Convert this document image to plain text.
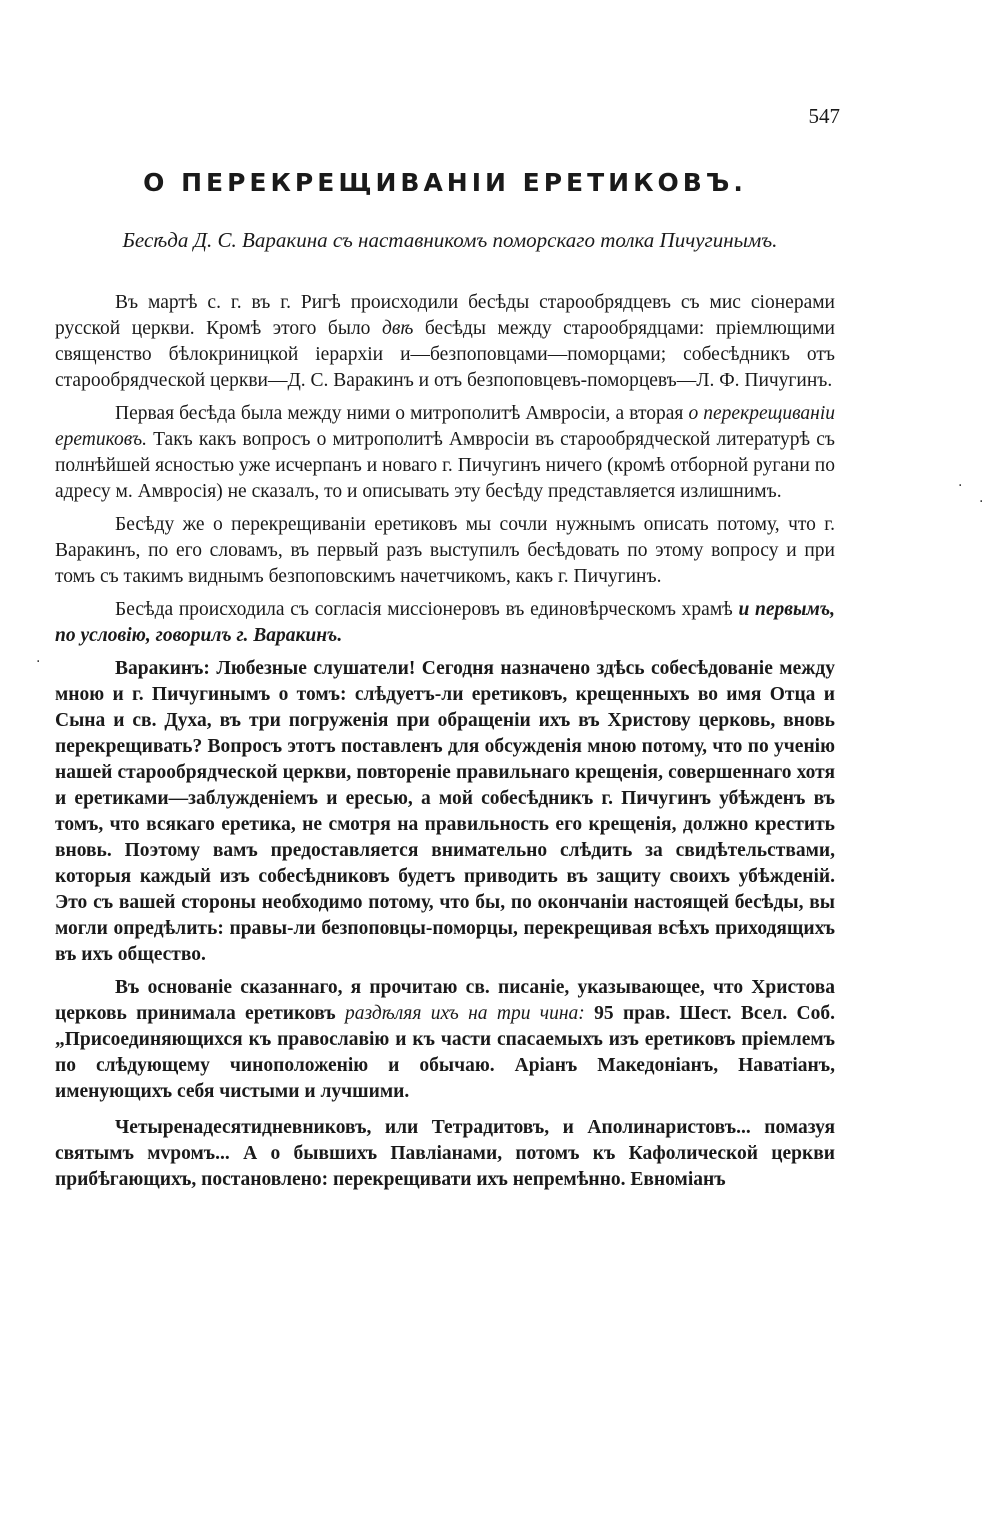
547
О ПЕРЕКРЕЩИВАНІИ ЕРЕТИКОВЪ.

Бесѣда Д. С. Варакина съ наставникомъ поморскаго толка Пичугинымъ.

Въ мартѣ с. г. въ г. Ригѣ происходили бесѣды старообрядцевъ съ мис сіонерами русской церкви. Кромѣ этого было двѣ бесѣды между старообрядцами: пріемлющими священство бѣлокриницкой іерархіи и—безпоповцами—поморцами; собесѣдникъ отъ старообрядческой церкви—Д. С. Варакинъ и отъ безпоповцевъ-поморцевъ—Л. Ф. Пичугинъ.

Первая бесѣда была между ними о митрополитѣ Амвросіи, а вторая о перекрещиваніи еретиковъ. Такъ какъ вопросъ о митрополитѣ Амвросіи въ старообрядческой литературѣ съ полнѣйшей ясностью уже исчерпанъ и новаго г. Пичугинъ ничего (кромѣ отборной ругани по адресу м. Амвросія) не сказалъ, то и описывать эту бесѣду представляется излишнимъ.

Бесѣду же о перекрещиваніи еретиковъ мы сочли нужнымъ описать потому, что г. Варакинъ, по его словамъ, въ первый разъ выступилъ бесѣдовать по этому вопросу и при томъ съ такимъ виднымъ безпоповскимъ начетчикомъ, какъ г. Пичугинъ.

Бесѣда происходила съ согласія миссіонеровъ въ единовѣрческомъ храмѣ и первымъ, по условію, говорилъ г. Варакинъ.

Варакинъ: Любезные слушатели! Сегодня назначено здѣсь собесѣдованіе между мною и г. Пичугинымъ о томъ: слѣдуетъ-ли еретиковъ, крещенныхъ во имя Отца и Сына и св. Духа, въ три погруженія при обращеніи ихъ въ Христову церковь, вновь перекрещивать? Вопросъ этотъ поставленъ для обсужденія мною потому, что по ученію нашей старообрядческой церкви, повтореніе правильнаго крещенія, совершеннаго хотя и еретиками—заблужденіемъ и ересью, а мой собесѣдникъ г. Пичугинъ убѣжденъ въ томъ, что всякаго еретика, не смотря на правильность его крещенія, должно крестить вновь. Поэтому вамъ предоставляется внимательно слѣдить за свидѣтельствами, которыя каждый изъ собесѣдниковъ будетъ приводить въ защиту своихъ убѣжденій. Это съ вашей стороны необходимо потому, что бы, по окончаніи настоящей бесѣды, вы могли опредѣлить: правы-ли безпоповцы-поморцы, перекрещивая всѣхъ приходящихъ въ ихъ общество.

Въ основаніе сказаннаго, я прочитаю св. писаніе, указывающее, что Христова церковь принимала еретиковъ раздѣляя ихъ на три чина: 95 прав. Шест. Всел. Соб. „Присоединяющихся къ православію и къ части спасаемыхъ изъ еретиковъ пріемлемъ по слѣдующему чиноположенію и обычаю. Аріанъ Македоніанъ, Наватіанъ, именующихъ себя чистыми и лучшими.

Четыренадесятидневниковъ, или Тетрадитовъ, и Аполинаристовъ... помазуя святымъ мvромъ... А о бывшихъ Павліанами, потомъ къ Кафолической церкви прибѣгающихъ, постановлено: перекрещивати ихъ непремѣнно. Евноміанъ

·
·
·
